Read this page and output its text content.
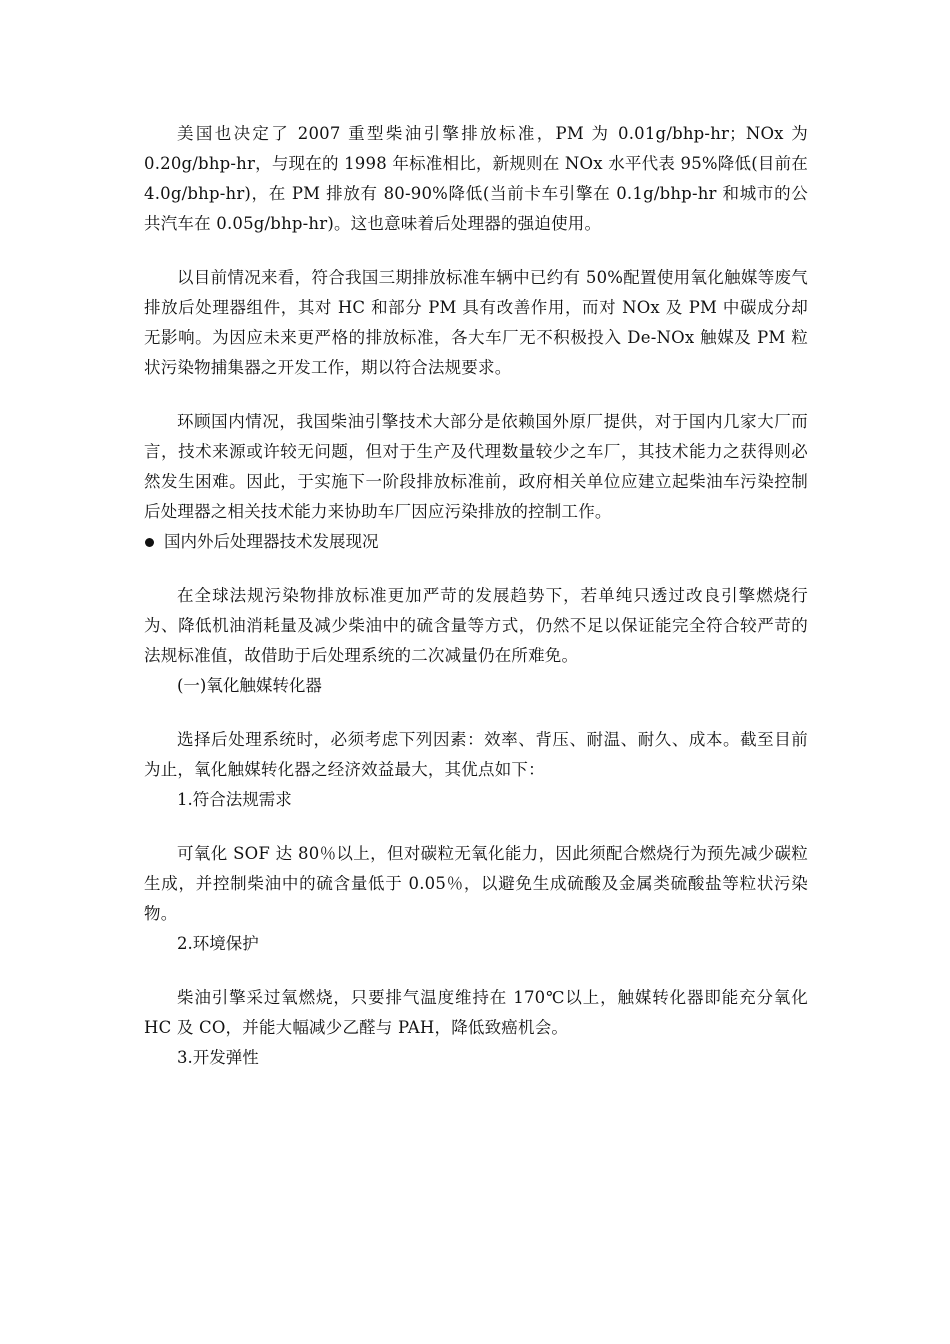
美国也决定了 2007 重型柴油引擎排放标准，PM 为 0.01g/bhp-hr；NOx 为 0.20g/bhp-hr，与现在的 1998 年标准相比，新规则在 NOx 水平代表 95%降低(目前在 4.0g/bhp-hr)，在 PM 排放有 80-90%降低(当前卡车引擎在 0.1g/bhp-hr 和城市的公共汽车在 0.05g/bhp-hr)。这也意味着后处理器的强迫使用。

以目前情况来看，符合我国三期排放标准车辆中已约有 50%配置使用氧化触媒等废气排放后处理器组件，其对 HC 和部分 PM 具有改善作用，而对 NOx 及 PM 中碳成分却无影响。为因应未来更严格的排放标准，各大车厂无不积极投入 De-NOx 触媒及 PM 粒状污染物捕集器之开发工作，期以符合法规要求。

环顾国内情况，我国柴油引擎技术大部分是依赖国外原厂提供，对于国内几家大厂而言，技术来源或许较无问题，但对于生产及代理数量较少之车厂，其技术能力之获得则必然发生困难。因此，于实施下一阶段排放标准前，政府相关单位应建立起柴油车污染控制后处理器之相关技术能力来协助车厂因应污染排放的控制工作。

国内外后处理器技术发展现况

在全球法规污染物排放标准更加严苛的发展趋势下，若单纯只透过改良引擎燃烧行为、降低机油消耗量及减少柴油中的硫含量等方式，仍然不足以保证能完全符合较严苛的法规标准值，故借助于后处理系统的二次减量仍在所难免。

(一)氧化触媒转化器

选择后处理系统时，必须考虑下列因素：效率、背压、耐温、耐久、成本。截至目前为止，氧化触媒转化器之经济效益最大，其优点如下：

1.符合法规需求

可氧化 SOF 达 80％以上，但对碳粒无氧化能力，因此须配合燃烧行为预先减少碳粒生成，并控制柴油中的硫含量低于 0.05％，以避免生成硫酸及金属类硫酸盐等粒状污染物。

2.环境保护

柴油引擎采过氧燃烧，只要排气温度维持在 170℃以上，触媒转化器即能充分氧化 HC 及 CO，并能大幅减少乙醛与 PAH，降低致癌机会。

3.开发弹性
